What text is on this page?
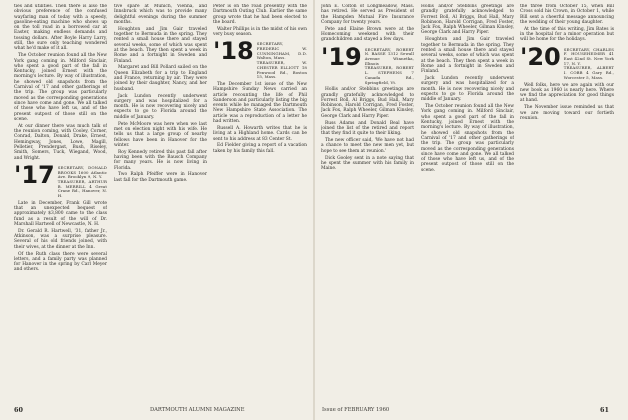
ties and utilities. Then there is also the obvious preference of the confused wayfaring man of today with a speedy, gasoline-eating machine who shows up on the toll road in a borrowed car at Easter, making endless demands and tossing dollars. After Boyle Harry Larry, still, the sure only teaching wondered what he'd make of it all.

The October reunion found all the New York gang coming in. Milford Sinclair, who spent a good part of the fall in Kentucky, joined Ernest with the morning's lecture. By way of illustration, he showed old snapshots from the Carnival of '17 and other gatherings of the trip. The group was particularly moved as the corresponding generations since have come and gone. We all talked of those who have left us, and of the present outpost of those still on the scene.

At our dinner there was much talk of the reunion coming, with Cooley, Corner, Conrad, Dalton, Donald, Drake, Ernest, Hemingway, Jones, Lowe, Magill, Pelletier, Prendergast, Bush, Riseley, Smith, Somers, Tuck, Wiegand, Wood, and Wright.

'17 SECRETARY, DONALD BROOKS 1600 Atlantic Ave. Brooklyn 9, N. Y.
TREASURER, ARTHUR B. MERRILL 4 Great Crane Rd., Hanover, N. H.

Late in December, Frank Gill wrote that an unexpected bequest of approximately $3,800 came to the class fund as a result of the will of Dr. Marshall Hartwell of Newcastle, N. H.

Dr. Gerald R. Hartwell, '31, father Jr., Atkinson, was a surprise pleasure. Several of his old friends joined, with their wives, at the dinner at the Inn.

Of the Ruth class there were several letters, and a family party was planned for Hanover in the spring by Carl Meyer and others.

tive spare at Munich, Vienna, and Innsbruck which was to provide many delightful evenings during the summer months.

Houghton and Jim Gair traveled together to Bermuda in the spring. They rented a small house there and stayed several weeks, some of which was spent at the beach. They then spent a week in Rome and a fortnight in Sweden and Finland.

Margaret and Bill Pollard sailed on the Queen Elizabeth for a trip to England and France, returning by air. They were joined by their daughter, Nancy, and her husband.

Jack Lundon recently underwent surgery and was hospitalized for a month. He is now recovering nicely and expects to go to Florida around the middle of January.

Pete McMoore was here when we last met on election night with his wife. He tells us that a large group of nearby fellows have been in Hanover for the winter.

Roy Kennedy retired this past fall after having been with the Bausch Company for many years. He is now living in Florida.

Two Ralph Pfeiffer were in Hanover last fall for the Dartmouth game.

Peter is on the road presently with the Dartmouth Outing Club. Earlier the same group wrote that he had been elected to the board.

Walter Phillips is in the midst of his own very busy season.

'18 SECRETARY, FREDERIC W. CUNNINGHAM, D.D. Walton, Mass.
TREASURER, W. CHESTER ELLIOTT 18 Fenwood Rd., Boston 15, Mass.

The December 1st issue of the New Hampshire Sunday News carried an article recounting the life of Phil Sanderson and particularly listing the big events while he managed the Dartmouth New Hampshire State Association. The article was a reproduction of a letter he had written.

Russell A. Howarth writes that he is living at a Highland home. Cards can be sent to his address at 83 Center St.

Ed Fielder giving a report of a vacation taken by his family this fall.

John E. Colton of Longmeadow, Mass. has retired. He served as President of the Hampden Mutual Fire Insurance Company for twenty years.

Pete and Elaine Brown were at the Homecoming weekend with their grandchildren and stayed a few days.

'19 SECRETARY, ROBERT N. BASSE 1312 Sewall Avenue Winnetka, Illinois
TREASURER, ROBERT L. STEPHENS 7 Canada Rd., Springfield, Vt.

Hollis and/or Stebbins greetings are grandly gratefully acknowledged to Forrest Boll, Al Briggs, Bud Hall, Mary Robinson, Harold Corrigan, Fred Foster, Jack Fox, Ralph Wheeler, Gilman Kinsley, George Clark and Harry Piper.

Russ Adams and Donald Beal have joined the list of the retired and report that they find it quite to their liking.

The new officer said, 'We have not had a chance to meet the new men yet, but hope to see them at reunion.'

Dick Gooley sent in a note saying that he spent the summer with his family in Maine.

Hollis and/or Stebbins greetings are grandly gratefully acknowledged to Forrest Boll, Al Briggs, Bud Hall, Mary Robinson, Harold Corrigan, Fred Foster, Jack Fox, Ralph Wheeler, Gilman Kinsley, George Clark and Harry Piper.

Houghton and Jim Gair traveled together to Bermuda in the spring. They rented a small house there and stayed several weeks, some of which was spent at the beach. They then spent a week in Rome and a fortnight in Sweden and Finland.

Jack Lundon recently underwent surgery and was hospitalized for a month. He is now recovering nicely and expects to go to Florida around the middle of January.

The October reunion found all the New York gang coming in. Milford Sinclair, who spent a good part of the fall in Kentucky, joined Ernest with the morning's lecture. By way of illustration, he showed old snapshots from the Carnival of '17 and other gatherings of the trip. The group was particularly moved as the corresponding generations since have come and gone. We all talked of those who have left us, and of the present outpost of those still on the scene.

the three from October 15, when Bill Cross sold his Crown, in October 1, while Bill sent a cheerful message announcing the wedding of their young daughter.

At the time of this writing, Jim Bates is in the hospital for a minor operation but will be home for the holidays.

'20 SECRETARY, CHARLES F. HOUSEHEIMER 41 East 42nd St. New York 17, N. Y.
TREASURER, ALBERT I. COBB 4 Gary Rd., Worcester 5, Mass.

Well folks, here we are again with our new book as 1960 is nearly here. Where we find the appreciation for good things at hand.

The November issue reminded us that we are moving toward our fortieth reunion.

60	DARTMOUTH ALUMNI MAGAZINE	Issue of FEBRUARY 1960	61
